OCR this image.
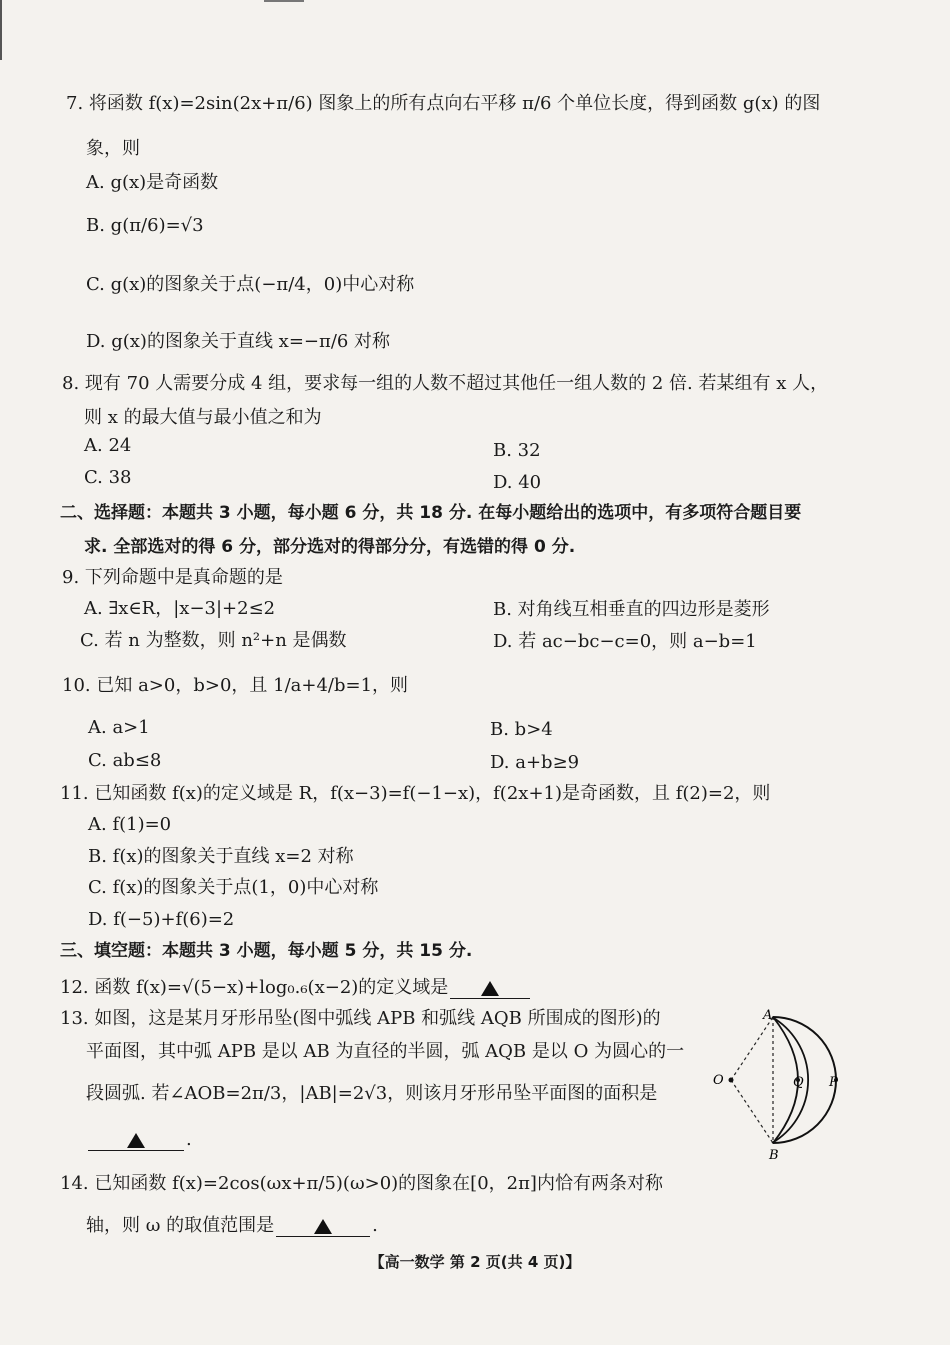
7. 将函数 f(x)=2sin(2x+π/6) 图象上的所有点向右平移 π/6 个单位长度，得到函数 g(x) 的图
象，则
A. g(x)是奇函数
B. g(π/6)=√3
C. g(x)的图象关于点(−π/4，0)中心对称
D. g(x)的图象关于直线 x=−π/6 对称
8. 现有 70 人需要分成 4 组，要求每一组的人数不超过其他任一组人数的 2 倍. 若某组有 x 人，
则 x 的最大值与最小值之和为
A. 24	B. 32
C. 38	D. 40
二、选择题：本题共 3 小题，每小题 6 分，共 18 分. 在每小题给出的选项中，有多项符合题目要
求. 全部选对的得 6 分，部分选对的得部分分，有选错的得 0 分.
9. 下列命题中是真命题的是
A. ∃x∈R，|x−3|+2≤2	B. 对角线互相垂直的四边形是菱形
C. 若 n 为整数，则 n²+n 是偶数	D. 若 ac−bc−c=0，则 a−b=1
10. 已知 a>0，b>0，且 1/a+4/b=1，则
A. a>1	B. b>4
C. ab≤8	D. a+b≥9
11. 已知函数 f(x)的定义域是 R，f(x−3)=f(−1−x)，f(2x+1)是奇函数，且 f(2)=2，则
A. f(1)=0
B. f(x)的图象关于直线 x=2 对称
C. f(x)的图象关于点(1，0)中心对称
D. f(−5)+f(6)=2
三、填空题：本题共 3 小题，每小题 5 分，共 15 分.
12. 函数 f(x)=√(5−x)+log₀.₆(x−2)的定义域是
13. 如图，这是某月牙形吊坠(图中弧线 APB 和弧线 AQB 所围成的图形)的
平面图，其中弧 APB 是以 AB 为直径的半圆，弧 AQB 是以 O 为圆心的一
段圆弧. 若∠AOB=2π/3，|AB|=2√3，则该月牙形吊坠平面图的面积是
.
A
B
O	Q P
14. 已知函数 f(x)=2cos(ωx+π/5)(ω>0)的图象在[0，2π]内恰有两条对称
轴，则 ω 的取值范围是	.
【高一数学 第 2 页(共 4 页)】
